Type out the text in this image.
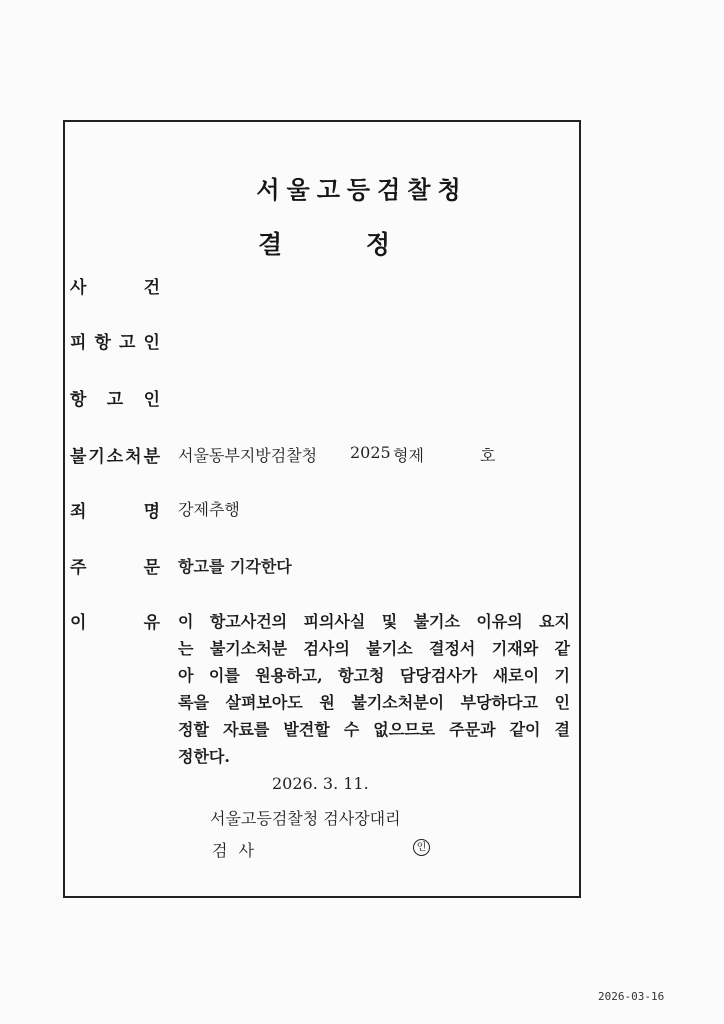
서울고등검찰청
결	정
사	건
피 항 고 인
항 고 인
불 기 소 처 분 서울동부지방검찰청 2025 형제	호
죄	명 강제추행
주	문 항고를 기각한다
이	유 이 항고사건의 피의사실 및 불기소 이유의 요지
는 불기소처분 검사의 불기소 결정서 기재와 같
아 이를 원용하고, 항고청 담당검사가 새로이 기
록을 살펴보아도 원 불기소처분이 부당하다고 인
정할 자료를 발견할 수 없으므로 주문과 같이 결
정한다.
2026. 3. 11.
서울고등검찰청 검사장대리
검 사	인
2026-03-16
